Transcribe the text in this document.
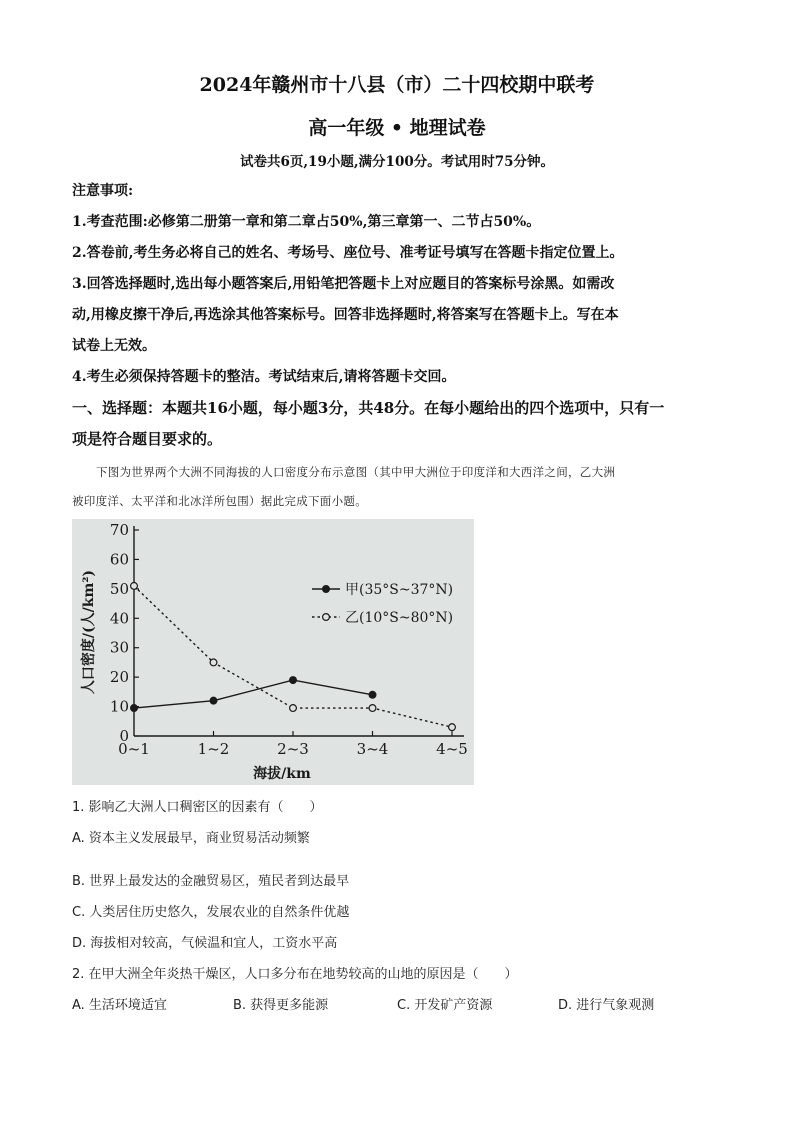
2024年赣州市十八县（市）二十四校期中联考
高一年级 • 地理试卷
试卷共6页,19小题,满分100分。考试用时75分钟。
注意事项:
1.考查范围:必修第二册第一章和第二章占50%,第三章第一、二节占50%。
2.答卷前,考生务必将自己的姓名、考场号、座位号、准考证号填写在答题卡指定位置上。
3.回答选择题时,选出每小题答案后,用铅笔把答题卡上对应题目的答案标号涂黑。如需改
动,用橡皮擦干净后,再选涂其他答案标号。回答非选择题时,将答案写在答题卡上。写在本
试卷上无效。
4.考生必须保持答题卡的整洁。考试结束后,请将答题卡交回。
一、选择题：本题共16小题，每小题3分，共48分。在每小题给出的四个选项中，只有一
项是符合题目要求的。
下图为世界两个大洲不同海拔的人口密度分布示意图（其中甲大洲位于印度洋和大西洋之间，乙大洲
被印度洋、太平洋和北冰洋所包围）据此完成下面小题。
0
10
20
30
40
50
60
70
0~1	1~2	2~3	3~4	4~5
海拔/km
人口密度/(人/km²)	甲(35°S~37°N)
乙(10°S~80°N)
1. 影响乙大洲人口稠密区的因素有（　　）
A. 资本主义发展最早，商业贸易活动频繁
B. 世界上最发达的金融贸易区，殖民者到达最早
C. 人类居住历史悠久，发展农业的自然条件优越
D. 海拔相对较高，气候温和宜人，工资水平高
2. 在甲大洲全年炎热干燥区，人口多分布在地势较高的山地的原因是（　　）
A. 生活环境适宜	B. 获得更多能源	C. 开发矿产资源	D. 进行气象观测
